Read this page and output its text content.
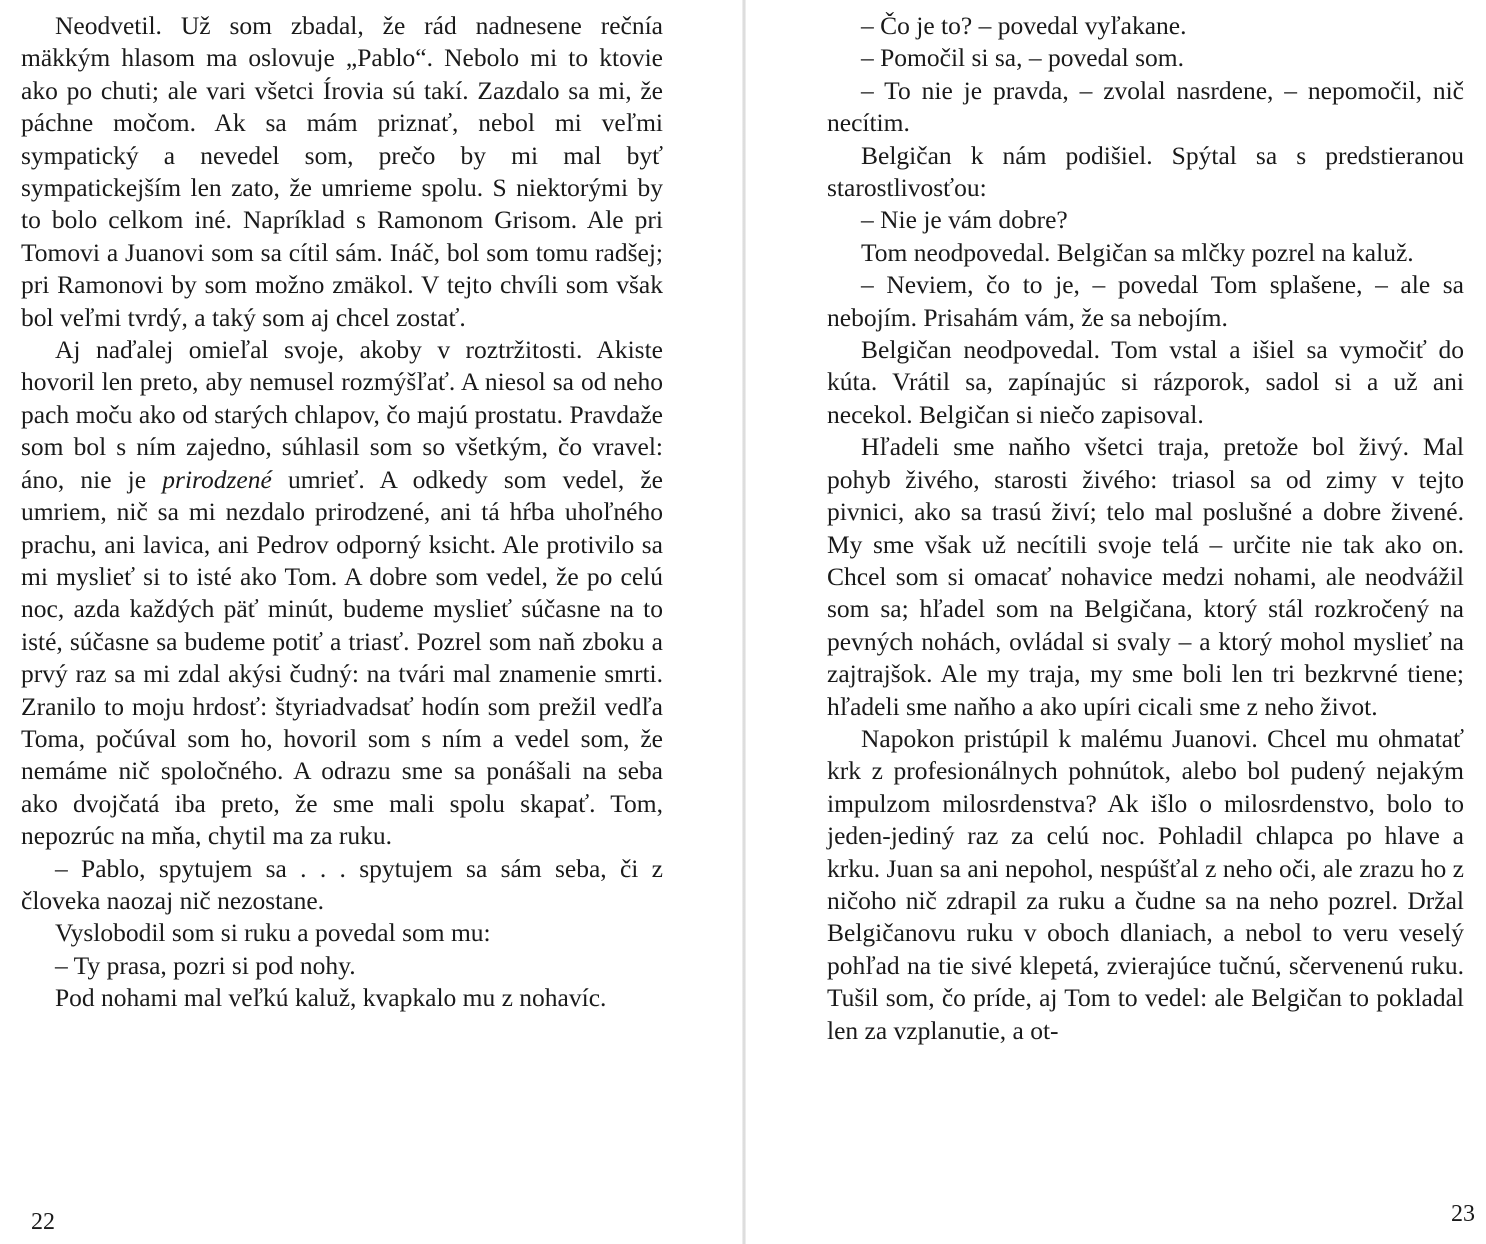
Neodvetil. Už som zbadal, že rád nadnesene rečnía mäkkým hlasom ma oslovuje „Pablo“. Nebolo mi to ktovie ako po chuti; ale vari všetci Írovia sú takí. Zazdalo sa mi, že páchne močom. Ak sa mám priznať, nebol mi veľmi sympatický a nevedel som, prečo by mi mal byť sympatickejším len zato, že umrieme spolu. S niektorými by to bolo celkom iné. Napríklad s Ramonom Grisom. Ale pri Tomovi a Juanovi som sa cítil sám. Ináč, bol som tomu radšej; pri Ramonovi by som možno zmäkol. V tejto chvíli som však bol veľmi tvrdý, a taký som aj chcel zostať.

Aj naďalej omieľal svoje, akoby v roztržitosti. Akiste hovoril len preto, aby nemusel rozmýšľať. A niesol sa od neho pach moču ako od starých chlapov, čo majú prostatu. Pravdaže som bol s ním zajedno, súhlasil som so všetkým, čo vravel: áno, nie je prirodzené umrieť. A odkedy som vedel, že umriem, nič sa mi nezdalo prirodzené, ani tá hŕba uhoľného prachu, ani lavica, ani Pedrov odporný ksicht. Ale protivilo sa mi myslieť si to isté ako Tom. A dobre som vedel, že po celú noc, azda každých päť minút, budeme myslieť súčasne na to isté, súčasne sa budeme potiť a triasť. Pozrel som naň zboku a prvý raz sa mi zdal akýsi čudný: na tvári mal znamenie smrti. Zranilo to moju hrdosť: štyriadvadsať hodín som prežil vedľa Toma, počúval som ho, hovoril som s ním a vedel som, že nemáme nič spoločného. A odrazu sme sa ponášali na seba ako dvojčatá iba preto, že sme mali spolu skapať. Tom, nepozrúc na mňa, chytil ma za ruku.

– Pablo, spytujem sa . . . spytujem sa sám seba, či z človeka naozaj nič nezostane.

Vyslobodil som si ruku a povedal som mu:

– Ty prasa, pozri si pod nohy.

Pod nohami mal veľkú kaluž, kvapkalo mu z nohavíc.

22

– Čo je to? – povedal vyľakane.

– Pomočil si sa, – povedal som.

– To nie je pravda, – zvolal nasrdene, – nepomočil, nič necítim.

Belgičan k nám podišiel. Spýtal sa s predstieranou starostlivosťou:

– Nie je vám dobre?

Tom neodpovedal. Belgičan sa mlčky pozrel na kaluž.

– Neviem, čo to je, – povedal Tom splašene, – ale sa nebojím. Prisahám vám, že sa nebojím.

Belgičan neodpovedal. Tom vstal a išiel sa vymočiť do kúta. Vrátil sa, zapínajúc si rázporok, sadol si a už ani necekol. Belgičan si niečo zapisoval.

Hľadeli sme naňho všetci traja, pretože bol živý. Mal pohyb živého, starosti živého: triasol sa od zimy v tejto pivnici, ako sa trasú živí; telo mal poslušné a dobre živené. My sme však už necítili svoje telá – určite nie tak ako on. Chcel som si omacať nohavice medzi nohami, ale neodvážil som sa; hľadel som na Belgičana, ktorý stál rozkročený na pevných nohách, ovládal si svaly – a ktorý mohol myslieť na zajtrajšok. Ale my traja, my sme boli len tri bezkrvné tiene; hľadeli sme naňho a ako upíri cicali sme z neho život.

Napokon pristúpil k malému Juanovi. Chcel mu ohmatať krk z profesionálnych pohnútok, alebo bol pudený nejakým impulzom milosrdenstva? Ak išlo o milosrdenstvo, bolo to jeden-jediný raz za celú noc. Pohladil chlapca po hlave a krku. Juan sa ani nepohol, nespúšťal z neho oči, ale zrazu ho z ničoho nič zdrapil za ruku a čudne sa na neho pozrel. Držal Belgičanovu ruku v oboch dlaniach, a nebol to veru veselý pohľad na tie sivé klepetá, zvierajúce tučnú, sčervenenú ruku. Tušil som, čo príde, aj Tom to vedel: ale Belgičan to pokladal len za vzplanutie, a ot-

23
